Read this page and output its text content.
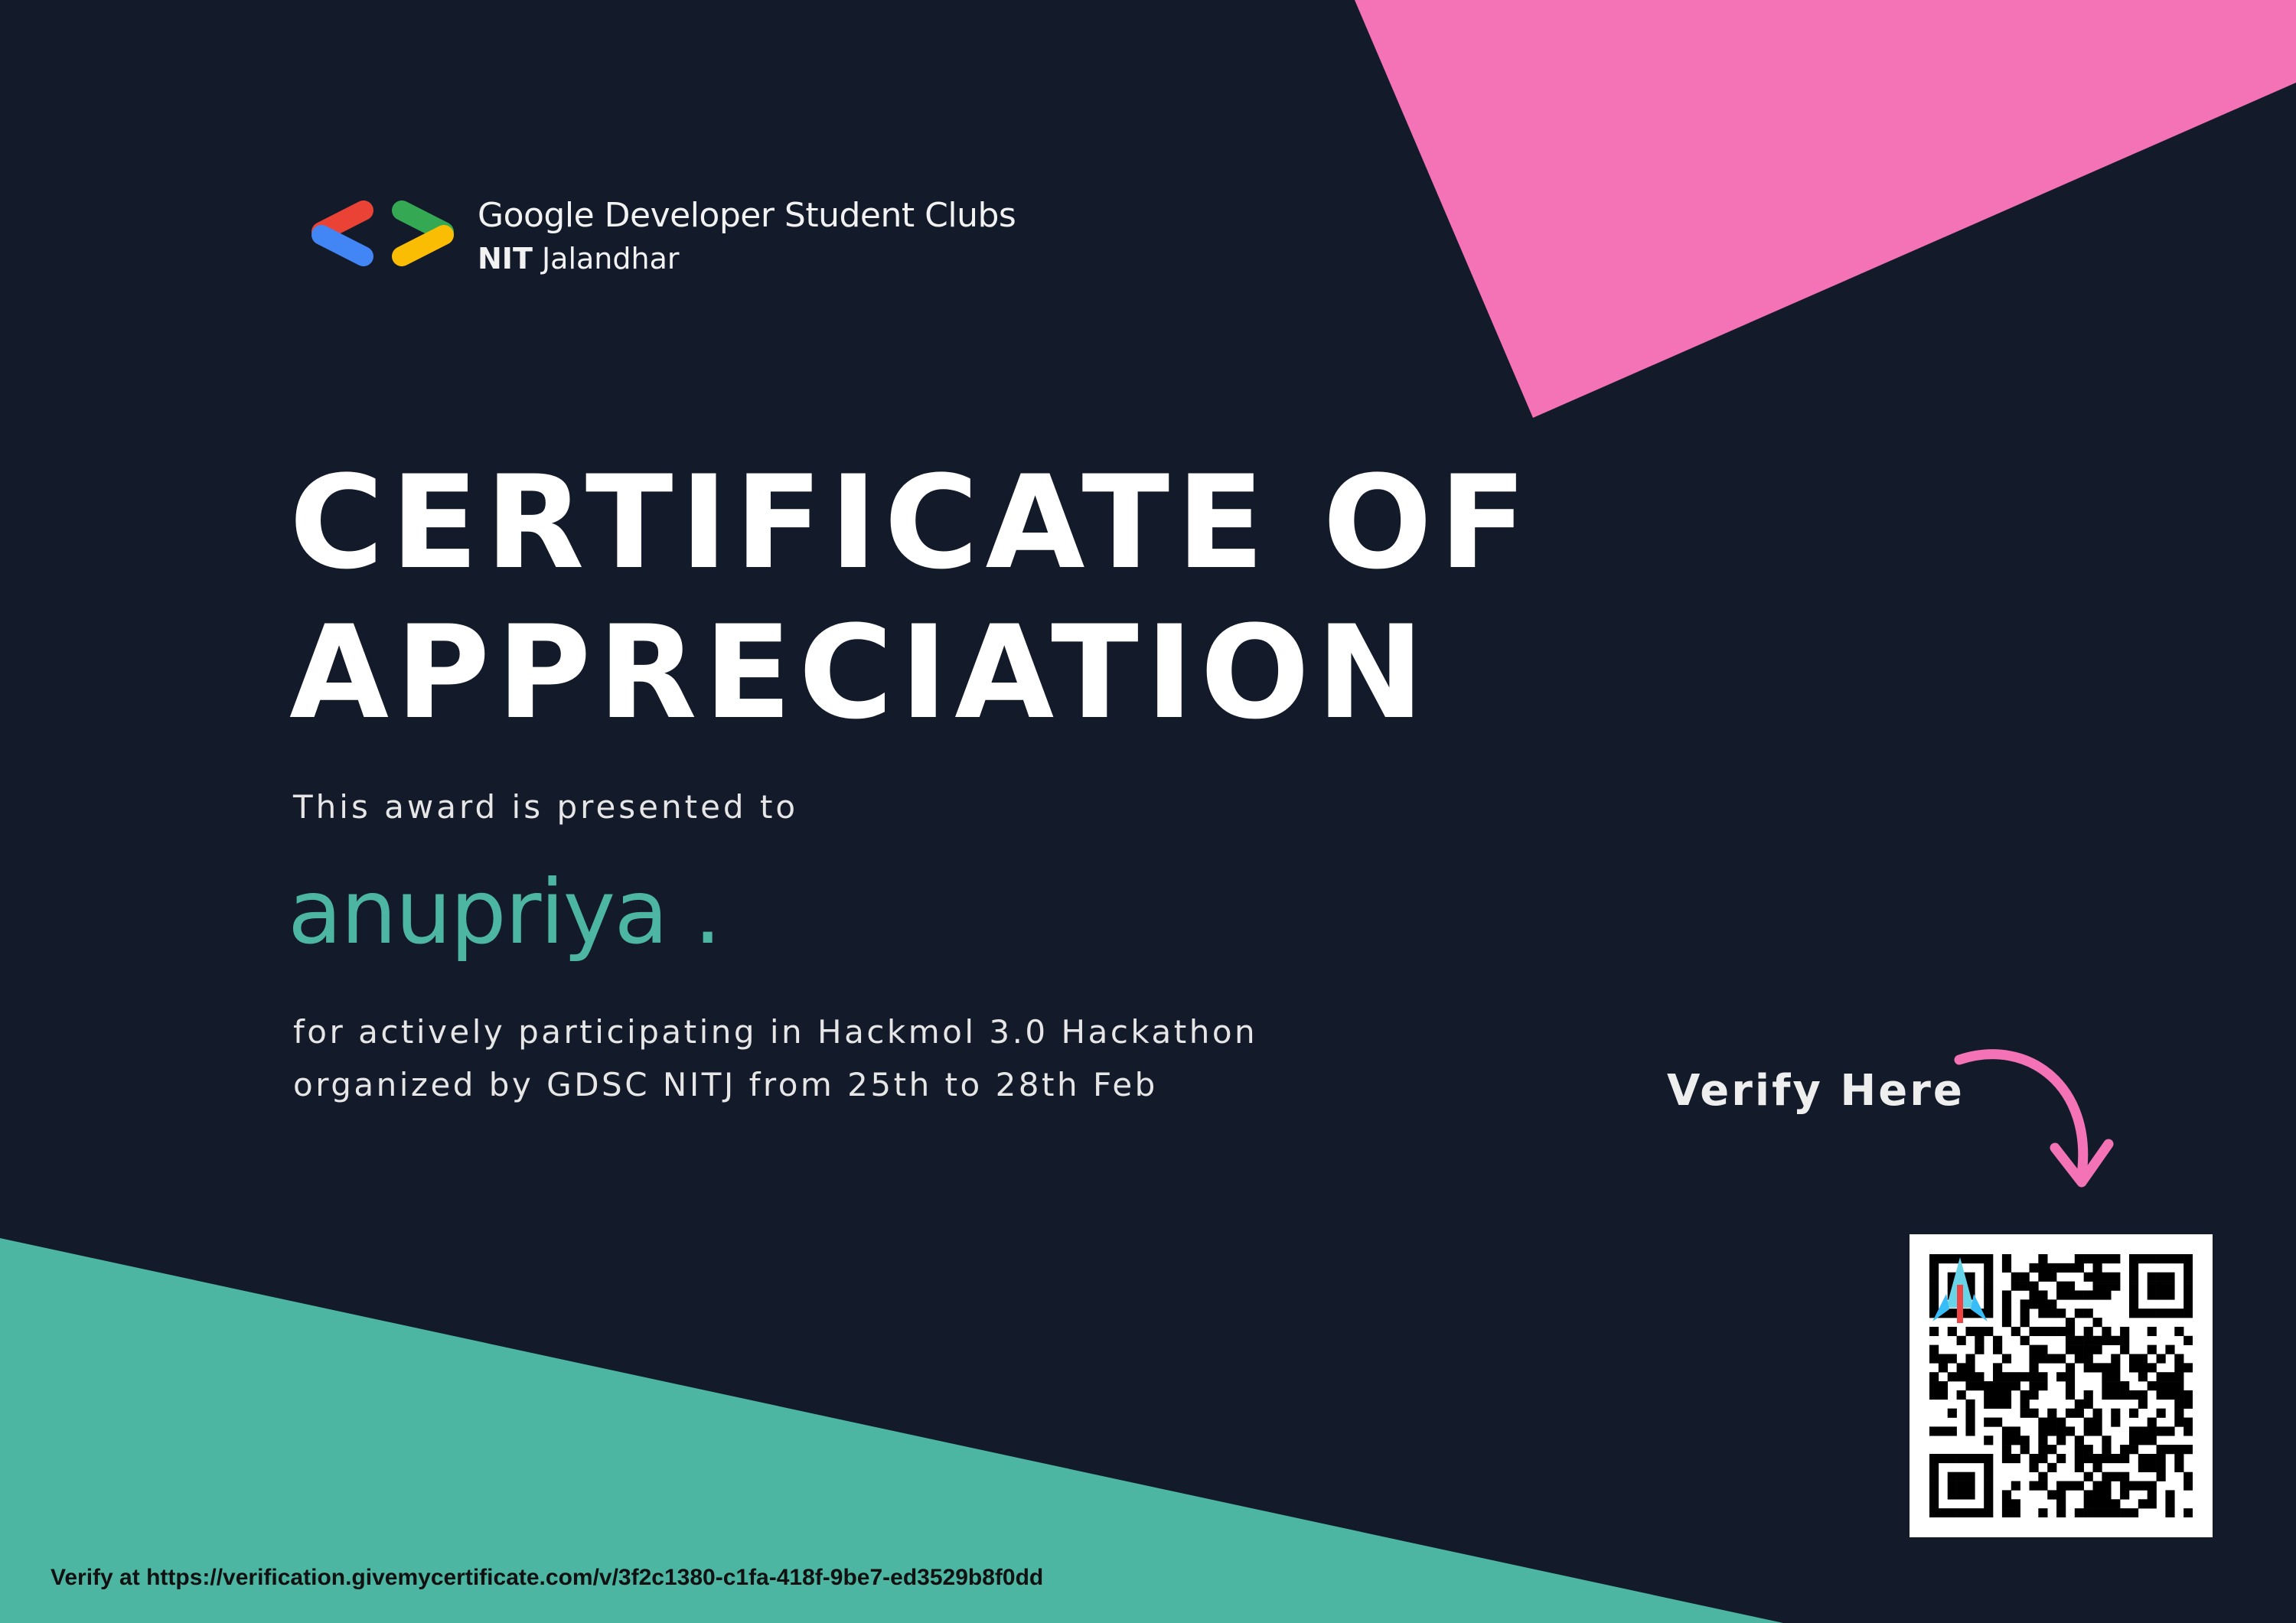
Google Developer Student Clubs
NIT Jalandhar
CERTIFICATE OF
APPRECIATION
This award is presented to
anupriya .
for actively participating in Hackmol 3.0 Hackathon organized by GDSC NITJ from 25th to 28th Feb	Verify Here
Verify at https://verification.givemycertificate.com/v/3f2c1380-c1fa-418f-9be7-ed3529b8f0dd
